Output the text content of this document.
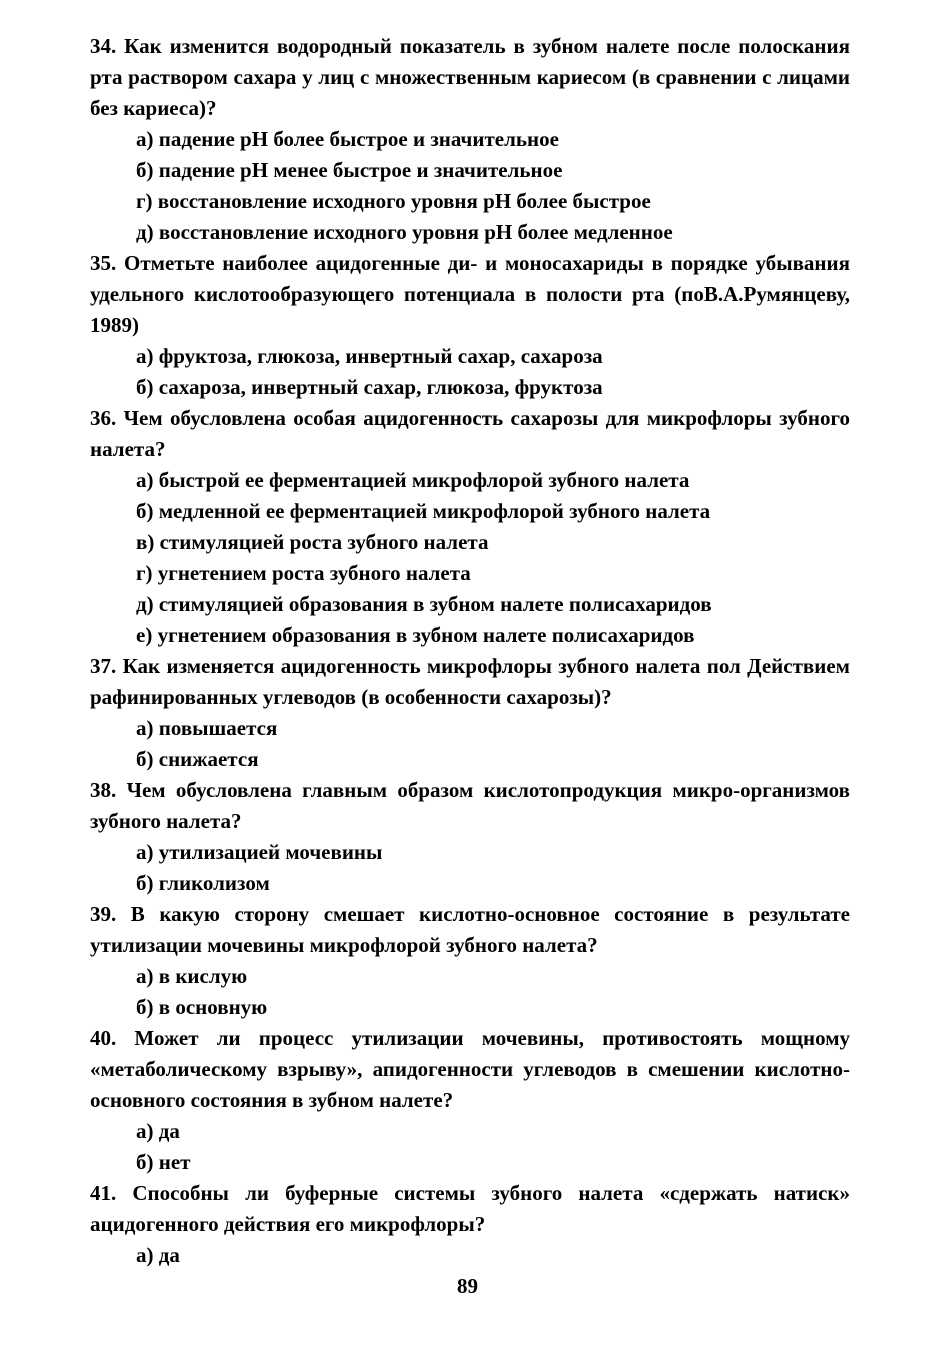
34. Как изменится водородный показатель в зубном налете после полоскания рта раствором сахара у лиц с множественным кариесом (в сравнении с лицами без кариеса)?

а) падение pH более быстрое и значительное

б) падение pH менее быстрое и значительное

г) восстановление исходного уровня pH более быстрое

д) восстановление исходного уровня pH более медленное

35. Отметьте наиболее ацидогенные ди- и моносахариды в порядке убывания удельного кислотообразующего потенциала в полости рта (поВ.А.Румянцеву, 1989)

а) фруктоза, глюкоза, инвертный сахар, сахароза

б) сахароза, инвертный сахар, глюкоза, фруктоза

36. Чем обусловлена особая ацидогенность сахарозы для микрофлоры зубного налета?

а) быстрой ее ферментацией микрофлорой зубного налета

б) медленной ее ферментацией микрофлорой зубного налета

в) стимуляцией роста зубного налета

г) угнетением роста зубного налета

д) стимуляцией образования в зубном налете полисахаридов

е) угнетением образования в зубном налете полисахаридов

37. Как изменяется ацидогенность микрофлоры зубного налета пол Действием рафинированных углеводов (в особенности сахарозы)?

а) повышается

б) снижается

38. Чем обусловлена главным образом кислотопродукция микро-организмов зубного налета?

а) утилизацией мочевины

б) гликолизом

39. В какую сторону смешает кислотно-основное состояние в результате утилизации мочевины микрофлорой зубного налета?

а) в кислую

б) в основную

40. Может ли процесс утилизации мочевины, противостоять мощному «метаболическому взрыву», апидогенности углеводов в смешении кислотно-основного состояния в зубном налете?

а) да

б) нет

41. Способны ли буферные системы зубного налета «сдержать натиск» ацидогенного действия его микрофлоры?

а) да

89
